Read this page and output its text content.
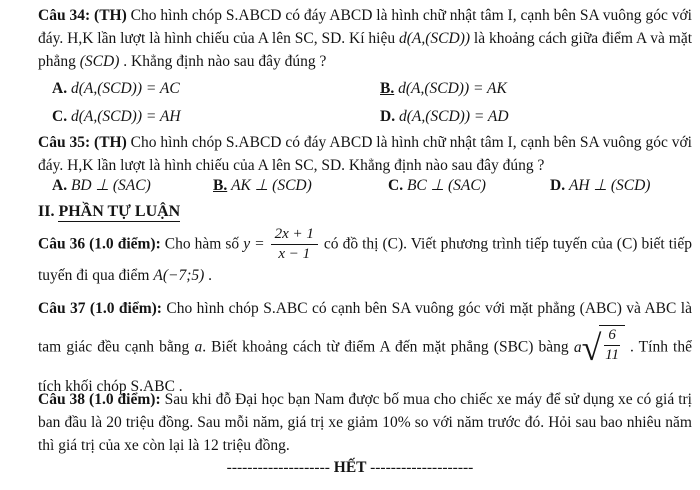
Câu 34: (TH) Cho hình chóp S.ABCD có đáy ABCD là hình chữ nhật tâm I, cạnh bên SA vuông góc với đáy. H,K lần lượt là hình chiếu của A lên SC, SD. Kí hiệu d(A,(SCD)) là khoảng cách giữa điểm A và mặt phẳng (SCD) . Khẳng định nào sau đây đúng ?

A. d(A,(SCD)) = AC	B. d(A,(SCD)) = AK
C. d(A,(SCD)) = AH	D. d(A,(SCD)) = AD

Câu 35: (TH) Cho hình chóp S.ABCD có đáy ABCD là hình chữ nhật tâm I, cạnh bên SA vuông góc với đáy. H,K lần lượt là hình chiếu của A lên SC, SD. Khẳng định nào sau đây đúng ?

A. BD ⊥ (SAC)	B. AK ⊥ (SCD)	C. BC ⊥ (SAC)	D. AH ⊥ (SCD)

II. PHẦN TỰ LUẬN

Câu 36 (1.0 điểm): Cho hàm số $y = \frac{2x + 1}{x - 1}$ có đồ thị (C). Viết phương trình tiếp tuyến của (C) biết tiếp tuyến đi qua điểm A(−7;5) .

Câu 37 (1.0 điểm): Cho hình chóp S.ABC có cạnh bên SA vuông góc với mặt phẳng (ABC) và ABC là tam giác đều cạnh bằng a. Biết khoảng cách từ điểm A đến mặt phẳng (SBC) bàng a √ $\frac{6}{11}$ . Tính thể tích khối chóp S.ABC .

Câu 38 (1.0 điểm): Sau khi đỗ Đại học bạn Nam được bố mua cho chiếc xe máy để sử dụng xe có giá trị ban đầu là 20 triệu đồng. Sau mỗi năm, giá trị xe giảm 10% so với năm trước đó. Hỏi sau bao nhiêu năm thì giá trị của xe còn lại là 12 triệu đồng.

-------------------- HẾT --------------------
